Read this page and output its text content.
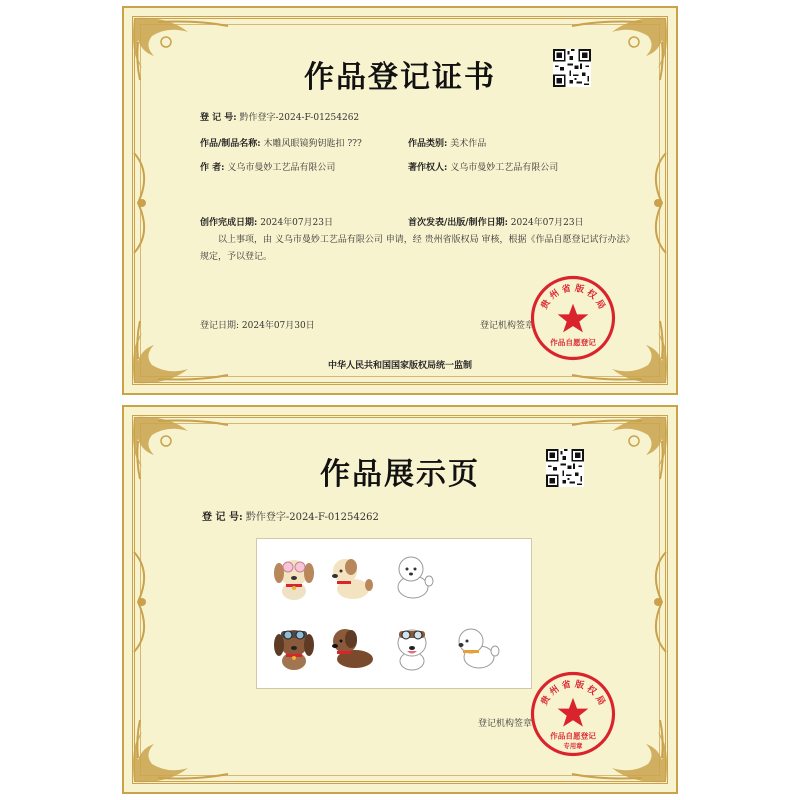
作品登记证书
登 记 号: 黔作登字-2024-F-01254262
作品/制品名称: 木雕风眼镜狗钥匙扣 ???	作品类别: 美术作品
作 者: 义乌市曼妙工艺品有限公司	著作权人: 义乌市曼妙工艺品有限公司
创作完成日期: 2024年07月23日	首次发表/出版/制作日期: 2024年07月23日
以上事项，由 义乌市曼妙工艺品有限公司 申请，经 贵州省版权局 审核，根据《作品自愿登记试行办法》规定，予以登记。
登记日期: 2024年07月30日	登记机构签章
贵 州 省 版 权 局
作品自愿登记
中华人民共和国国家版权局统一监制
作品展示页
登 记 号: 黔作登字-2024-F-01254262
登记机构签章
贵 州 省 版 权 局
作品自愿登记
专用章
